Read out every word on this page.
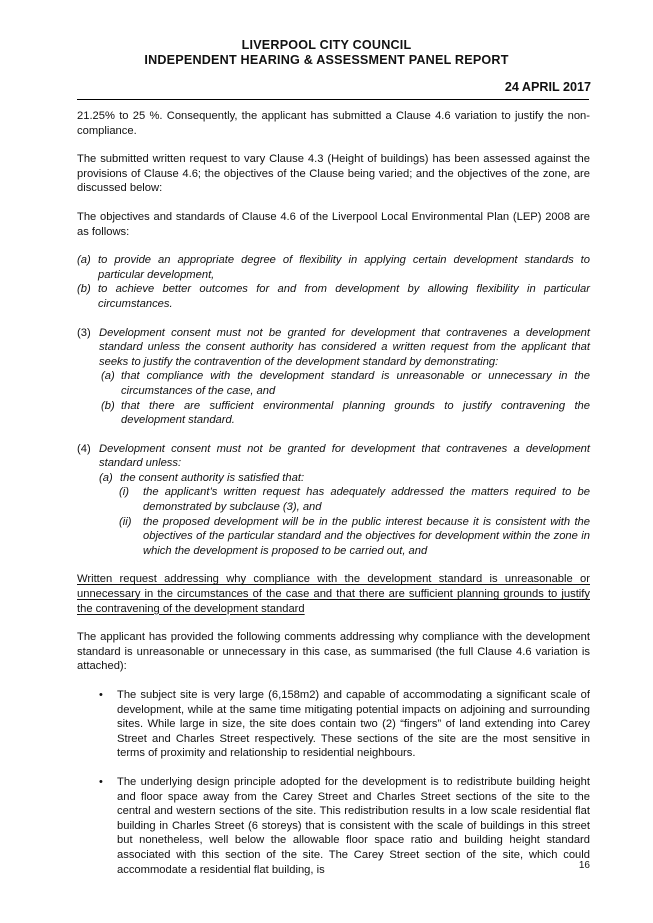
LIVERPOOL CITY COUNCIL
INDEPENDENT HEARING & ASSESSMENT PANEL REPORT
24 APRIL 2017

21.25% to 25 %. Consequently, the applicant has submitted a Clause 4.6 variation to justify the non-compliance.

The submitted written request to vary Clause 4.3 (Height of buildings) has been assessed against the provisions of Clause 4.6; the objectives of the Clause being varied; and the objectives of the zone, are discussed below:

The objectives and standards of Clause 4.6 of the Liverpool Local Environmental Plan (LEP) 2008 are as follows:

(a) to provide an appropriate degree of flexibility in applying certain development standards to particular development,
(b) to achieve better outcomes for and from development by allowing flexibility in particular circumstances.
(3) Development consent must not be granted for development that contravenes a development standard unless the consent authority has considered a written request from the applicant that seeks to justify the contravention of the development standard by demonstrating:
(a) that compliance with the development standard is unreasonable or unnecessary in the circumstances of the case, and
(b) that there are sufficient environmental planning grounds to justify contravening the development standard.
(4) Development consent must not be granted for development that contravenes a development standard unless:
(a) the consent authority is satisfied that:
(i)	the applicant’s written request has adequately addressed the matters required to be demonstrated by subclause (3), and
(ii)	the proposed development will be in the public interest because it is consistent with the objectives of the particular standard and the objectives for development within the zone in which the development is proposed to be carried out, and

Written request addressing why compliance with the development standard is unreasonable or unnecessary in the circumstances of the case and that there are sufficient planning grounds to justify the contravening of the development standard

The applicant has provided the following comments addressing why compliance with the development standard is unreasonable or unnecessary in this case, as summarised (the full Clause 4.6 variation is attached):

•	The subject site is very large (6,158m2) and capable of accommodating a significant scale of development, while at the same time mitigating potential impacts on adjoining and surrounding sites. While large in size, the site does contain two (2) “fingers” of land extending into Carey Street and Charles Street respectively. These sections of the site are the most sensitive in terms of proximity and relationship to residential neighbours.
•	The underlying design principle adopted for the development is to redistribute building height and floor space away from the Carey Street and Charles Street sections of the site to the central and western sections of the site. This redistribution results in a low scale residential flat building in Charles Street (6 storeys) that is consistent with the scale of buildings in this street but nonetheless, well below the allowable floor space ratio and building height standard associated with this section of the site. The Carey Street section of the site, which could accommodate a residential flat building, is	16
